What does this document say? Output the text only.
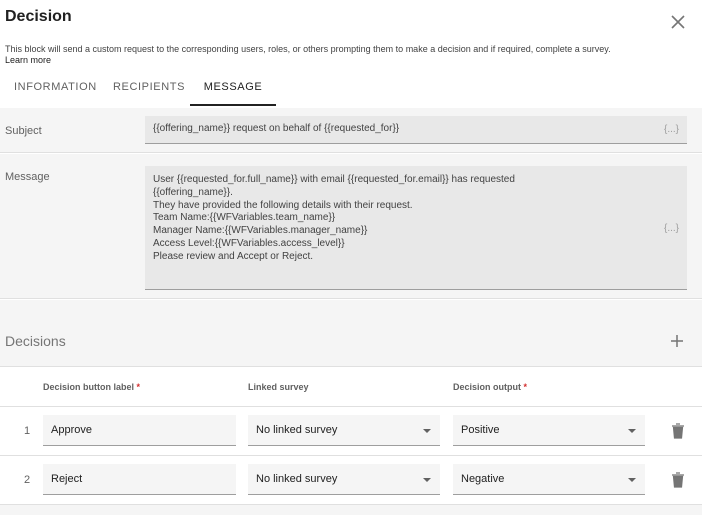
Decision
This block will send a custom request to the corresponding users, roles, or others prompting them to make a decision and if required, complete a survey.
Learn more
INFORMATION RECIPIENTS	MESSAGE
Subject	{{offering_name}} request on behalf of {{requested_for}}	{...}
Message	User {{requested_for.full_name}} with email {{requested_for.email}} has requested
{{offering_name}}.
They have provided the following details with their request.
Team Name:{{WFVariables.team_name}}
Manager Name:{{WFVariables.manager_name}}
Access Level:{{WFVariables.access_level}}
Please review and Accept or Reject.
{...}
Decisions
Decision button label *	Linked survey	Decision output *
1	Approve	No linked survey	Positive
2	Reject	No linked survey	Negative
